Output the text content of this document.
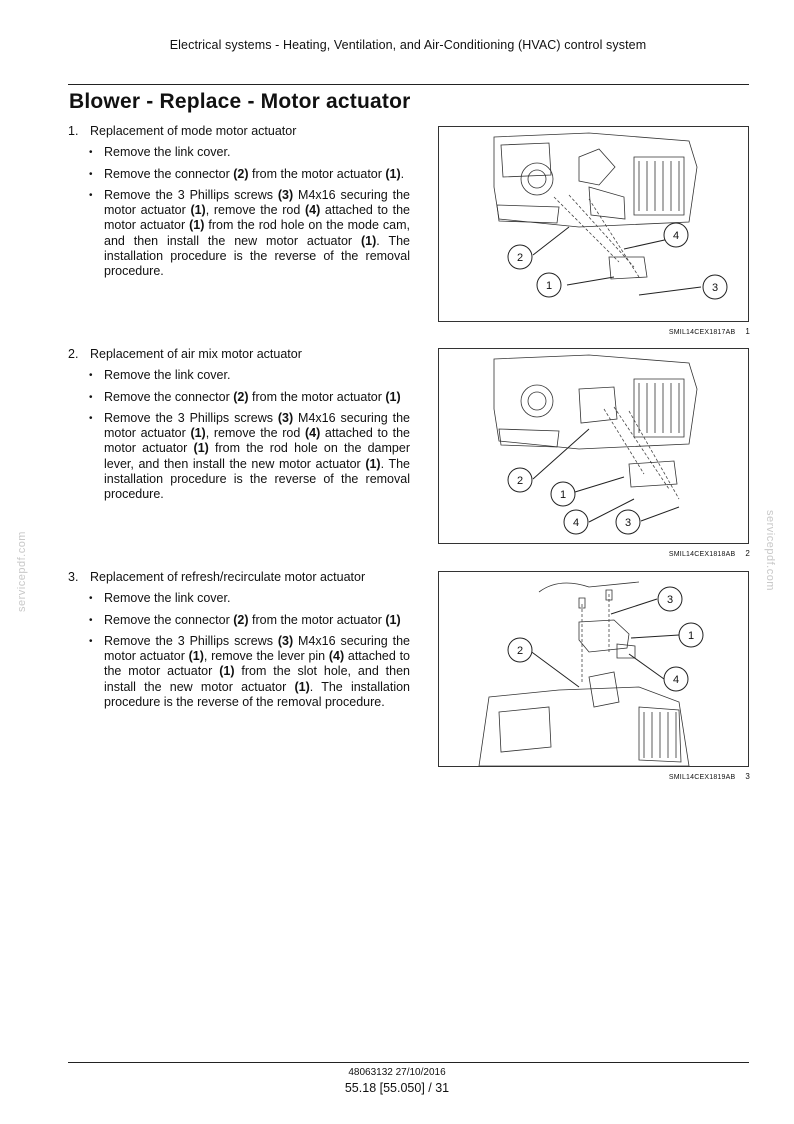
Electrical systems - Heating, Ventilation, and Air-Conditioning (HVAC) control system
Blower - Replace - Motor actuator
1. Replacement of mode motor actuator
• Remove the link cover.
• Remove the connector (2) from the motor actuator (1).
• Remove the 3 Phillips screws (3) M4x16 securing the motor actuator (1), remove the rod (4) attached to the motor actuator (1) from the rod hole on the mode cam, and then install the new motor actuator (1). The installation procedure is the reverse of the removal procedure.
2. Replacement of air mix motor actuator
• Remove the link cover.
• Remove the connector (2) from the motor actuator (1)
• Remove the 3 Phillips screws (3) M4x16 securing the motor actuator (1), remove the rod (4) attached to the motor actuator (1) from the rod hole on the damper lever, and then install the new motor actuator (1). The installation procedure is the reverse of the removal procedure.
3. Replacement of refresh/recirculate motor actuator
• Remove the link cover.
• Remove the connector (2) from the motor actuator (1)
• Remove the 3 Phillips screws (3) M4x16 securing the motor actuator (1), remove the lever pin (4) attached to the motor actuator (1) from the slot hole, and then install the new motor actuator (1). The installation procedure is the reverse of the removal procedure.
2
4
1	3
SMIL14CEX1817AB 1
2
1
4	3
SMIL14CEX1818AB 2
2
3
1
4
SMIL14CEX1819AB 3
servicepdf.com	servicepdf.com
48063132 27/10/2016
55.18 [55.050] / 31
